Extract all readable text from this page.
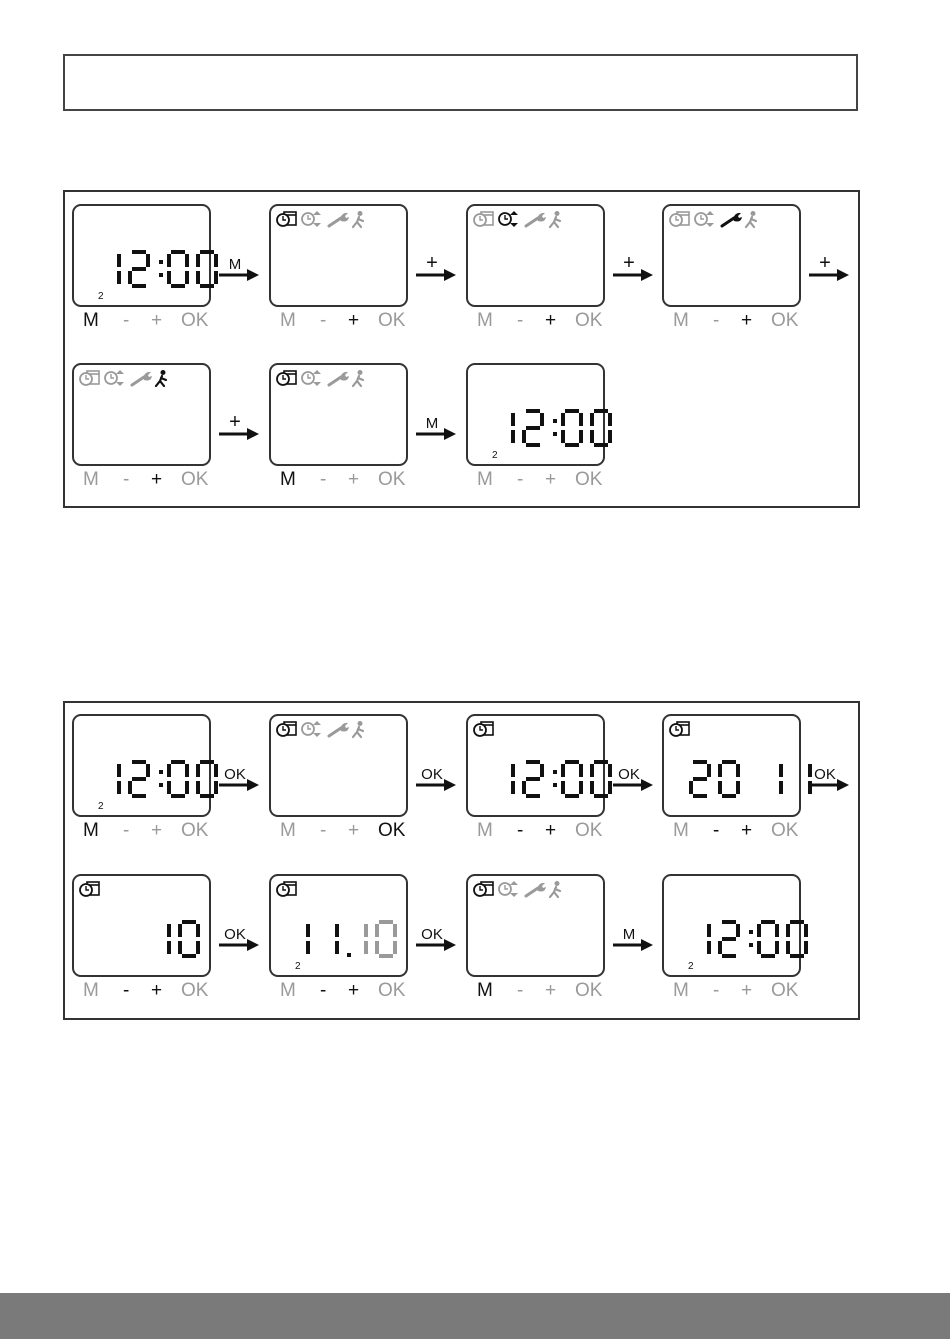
2
M - + OK	M - + OK	M - + OK	M - + OK
M - + OK	M - + OK
2
M - + OK
M	+	+	+
+	M
2
M - + OK	M - + OK	M - + OK	M - + OK
M - + OK
2
M - + OK	M - + OK
2
M - + OK
OK	OK	OK	OK
OK	OK	M
